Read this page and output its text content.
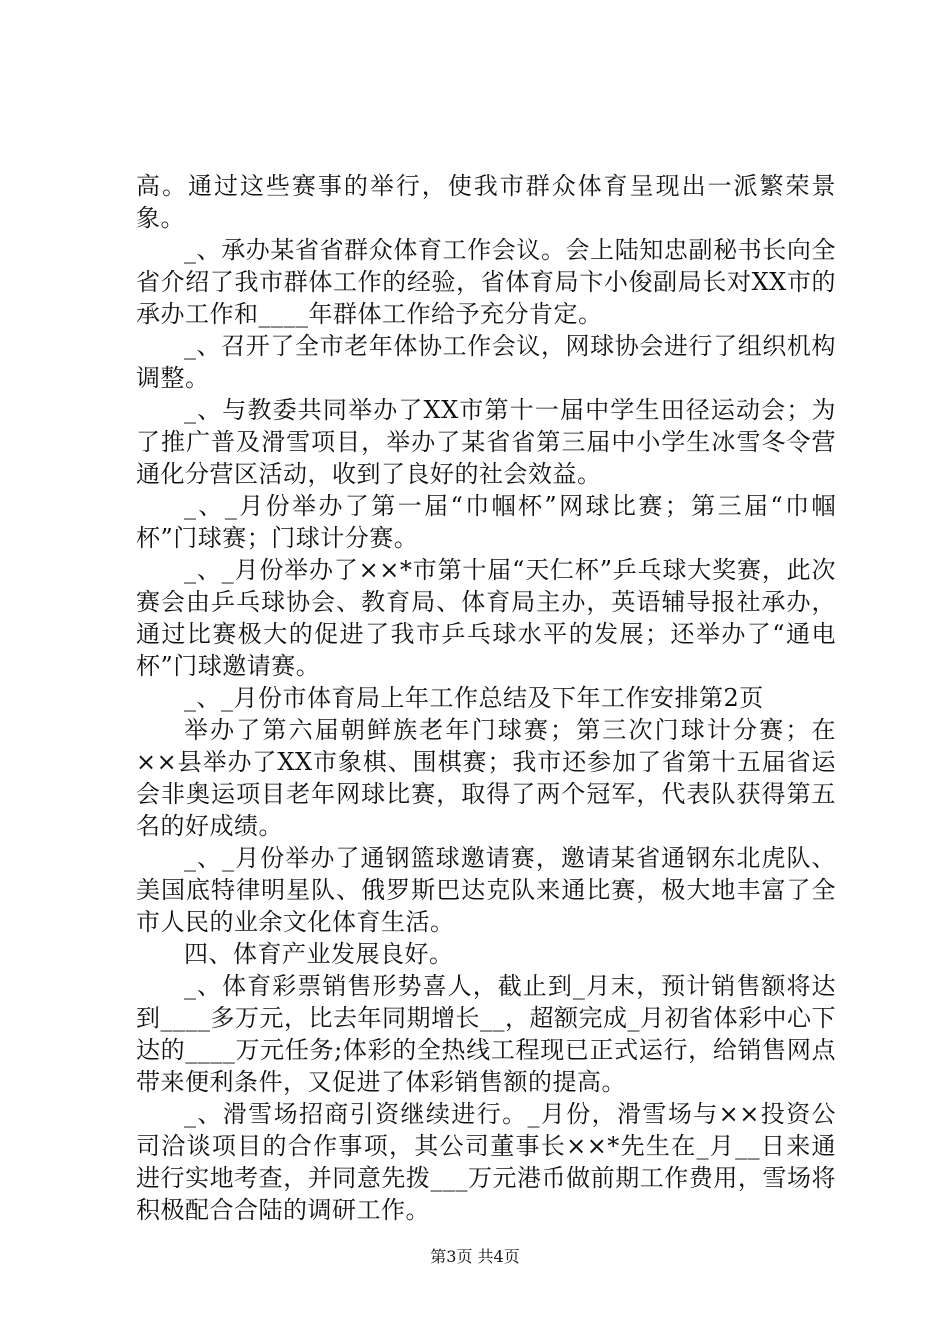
高。通过这些赛事的举行，使我市群众体育呈现出一派繁荣景象。

_、承办某省省群众体育工作会议。会上陆知忠副秘书长向全省介绍了我市群体工作的经验，省体育局卞小俊副局长对XX市的承办工作和____年群体工作给予充分肯定。

_、召开了全市老年体协工作会议，网球协会进行了组织机构调整。

_、与教委共同举办了XX市第十一届中学生田径运动会；为了推广普及滑雪项目，举办了某省省第三届中小学生冰雪冬令营通化分营区活动，收到了良好的社会效益。

_、_月份举办了第一届“巾帼杯”网球比赛；第三届“巾帼杯”门球赛；门球计分赛。

_、_月份举办了××*市第十届“天仁杯”乒乓球大奖赛，此次赛会由乒乓球协会、教育局、体育局主办，英语辅导报社承办，通过比赛极大的促进了我市乒乓球水平的发展；还举办了“通电杯”门球邀请赛。

_、_月份市体育局上年工作总结及下年工作安排第2页

举办了第六届朝鲜族老年门球赛；第三次门球计分赛；在××县举办了XX市象棋、围棋赛；我市还参加了省第十五届省运会非奥运项目老年网球比赛，取得了两个冠军，代表队获得第五名的好成绩。

_、_月份举办了通钢篮球邀请赛，邀请某省通钢东北虎队、美国底特律明星队、俄罗斯巴达克队来通比赛，极大地丰富了全市人民的业余文化体育生活。

四、体育产业发展良好。

_、体育彩票销售形势喜人，截止到_月末，预计销售额将达到____多万元，比去年同期增长__，超额完成_月初省体彩中心下达的____万元任务;体彩的全热线工程现已正式运行，给销售网点带来便利条件，又促进了体彩销售额的提高。

_、滑雪场招商引资继续进行。_月份，滑雪场与××投资公司洽谈项目的合作事项，其公司董事长××*先生在_月__日来通进行实地考查，并同意先拨___万元港币做前期工作费用，雪场将积极配合合陆的调研工作。

第3页 共4页
